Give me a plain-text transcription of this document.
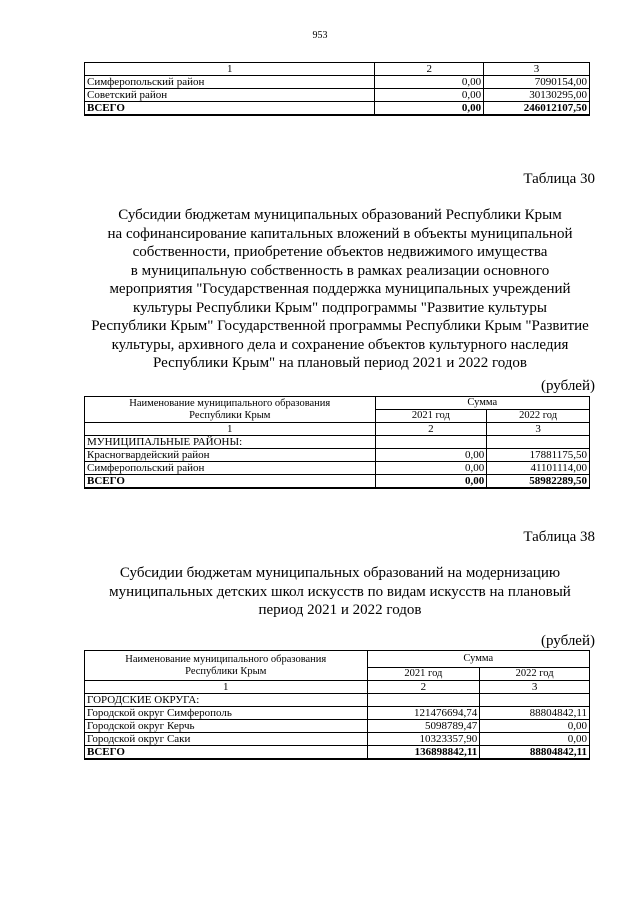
953
1	2	3
Симферопольский район	0,00	7090154,00
Советский район	0,00	30130295,00
ВСЕГО	0,00	246012107,50
Таблица 30
Субсидии бюджетам муниципальных образований Республики Крым
на софинансирование капитальных вложений в объекты муниципальной
собственности, приобретение объектов недвижимого имущества
в муниципальную собственность в рамках реализации основного
мероприятия "Государственная поддержка муниципальных учреждений
культуры Республики Крым" подпрограммы "Развитие культуры
Республики Крым" Государственной программы Республики Крым "Развитие
культуры, архивного дела и сохранение объектов культурного наследия
Республики Крым" на плановый период 2021 и 2022 годов
(рублей)
Наименование муниципального образования
Республики Крым	Сумма	
	2021 год	2022 год
1	2	3
МУНИЦИПАЛЬНЫЕ РАЙОНЫ:		
Красногвардейский район	0,00	17881175,50
Симферопольский район	0,00	41101114,00
ВСЕГО	0,00	58982289,50
Таблица 38
Субсидии бюджетам муниципальных образований на модернизацию
муниципальных детских школ искусств по видам искусств на плановый
период 2021 и 2022 годов
(рублей)
Наименование муниципального образования
Республики Крым	Сумма	
	2021 год	2022 год
1	2	3
ГОРОДСКИЕ ОКРУГА:		
Городской округ Симферополь	121476694,74	88804842,11
Городской округ Керчь	5098789,47	0,00
Городской округ Саки	10323357,90	0,00
ВСЕГО	136898842,11	88804842,11
